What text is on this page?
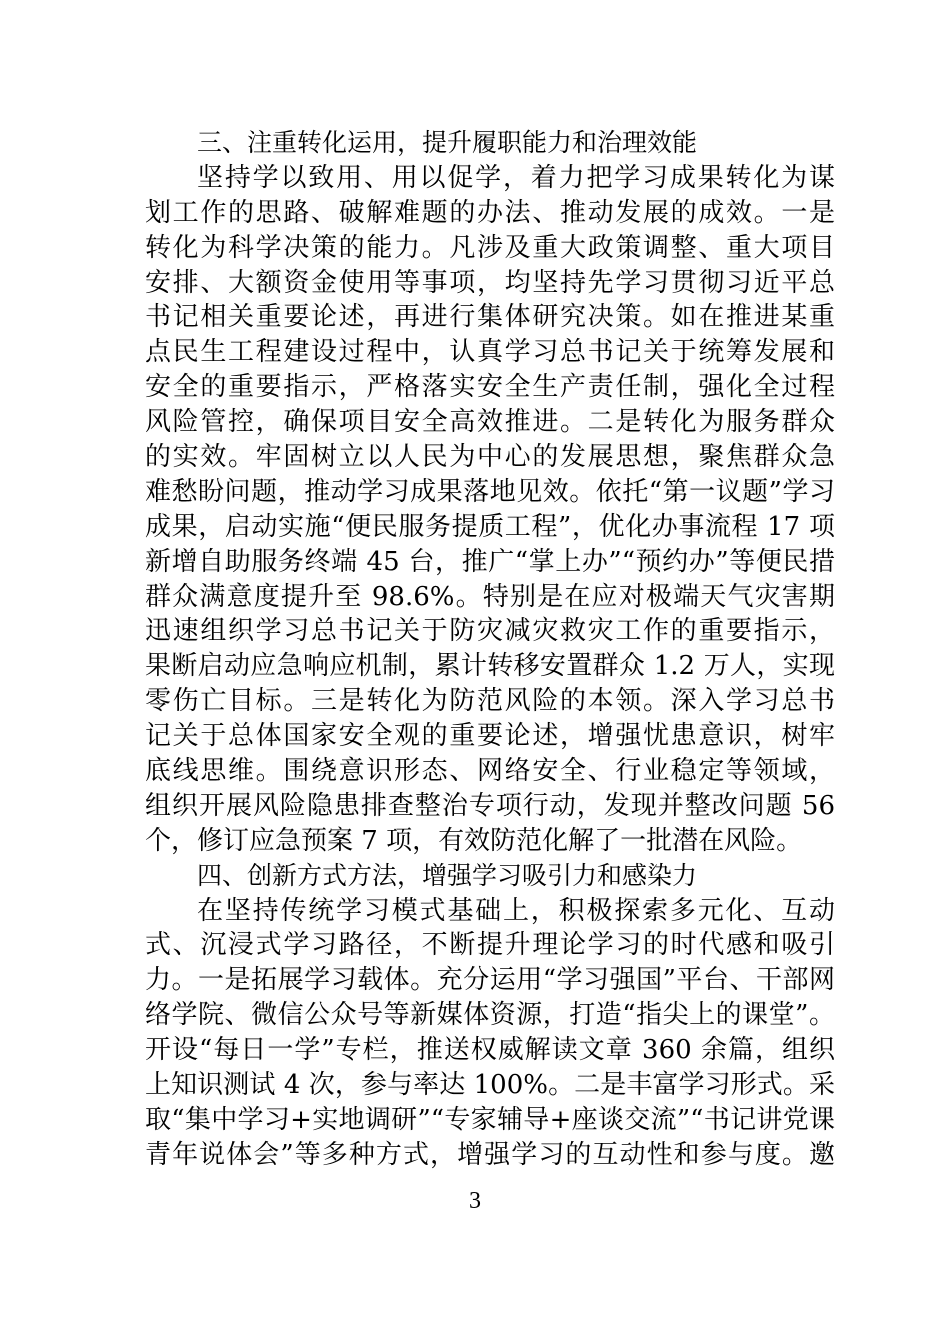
三、注重转化运用，提升履职能力和治理效能
坚持学以致用、用以促学，着力把学习成果转化为谋
划工作的思路、破解难题的办法、推动发展的成效。一是
转化为科学决策的能力。凡涉及重大政策调整、重大项目
安排、大额资金使用等事项，均坚持先学习贯彻习近平总
书记相关重要论述，再进行集体研究决策。如在推进某重
点民生工程建设过程中，认真学习总书记关于统筹发展和
安全的重要指示，严格落实安全生产责任制，强化全过程
风险管控，确保项目安全高效推进。二是转化为服务群众
的实效。牢固树立以人民为中心的发展思想，聚焦群众急
难愁盼问题，推动学习成果落地见效。依托“第一议题”学习
成果，启动实施“便民服务提质工程”，优化办事流程 17 项
新增自助服务终端 45 台，推广“掌上办”“预约办”等便民措
群众满意度提升至 98.6%。特别是在应对极端天气灾害期
迅速组织学习总书记关于防灾减灾救灾工作的重要指示，
果断启动应急响应机制，累计转移安置群众 1.2 万人，实现
零伤亡目标。三是转化为防范风险的本领。深入学习总书
记关于总体国家安全观的重要论述，增强忧患意识，树牢
底线思维。围绕意识形态、网络安全、行业稳定等领域，
组织开展风险隐患排查整治专项行动，发现并整改问题 56
个，修订应急预案 7 项，有效防范化解了一批潜在风险。
四、创新方式方法，增强学习吸引力和感染力
在坚持传统学习模式基础上，积极探索多元化、互动
式、沉浸式学习路径，不断提升理论学习的时代感和吸引
力。一是拓展学习载体。充分运用“学习强国”平台、干部网
络学院、微信公众号等新媒体资源，打造“指尖上的课堂”。
开设“每日一学”专栏，推送权威解读文章 360 余篇，组织
上知识测试 4 次，参与率达 100%。二是丰富学习形式。采
取“集中学习+实地调研”“专家辅导+座谈交流”“书记讲党课
青年说体会”等多种方式，增强学习的互动性和参与度。邀
3
